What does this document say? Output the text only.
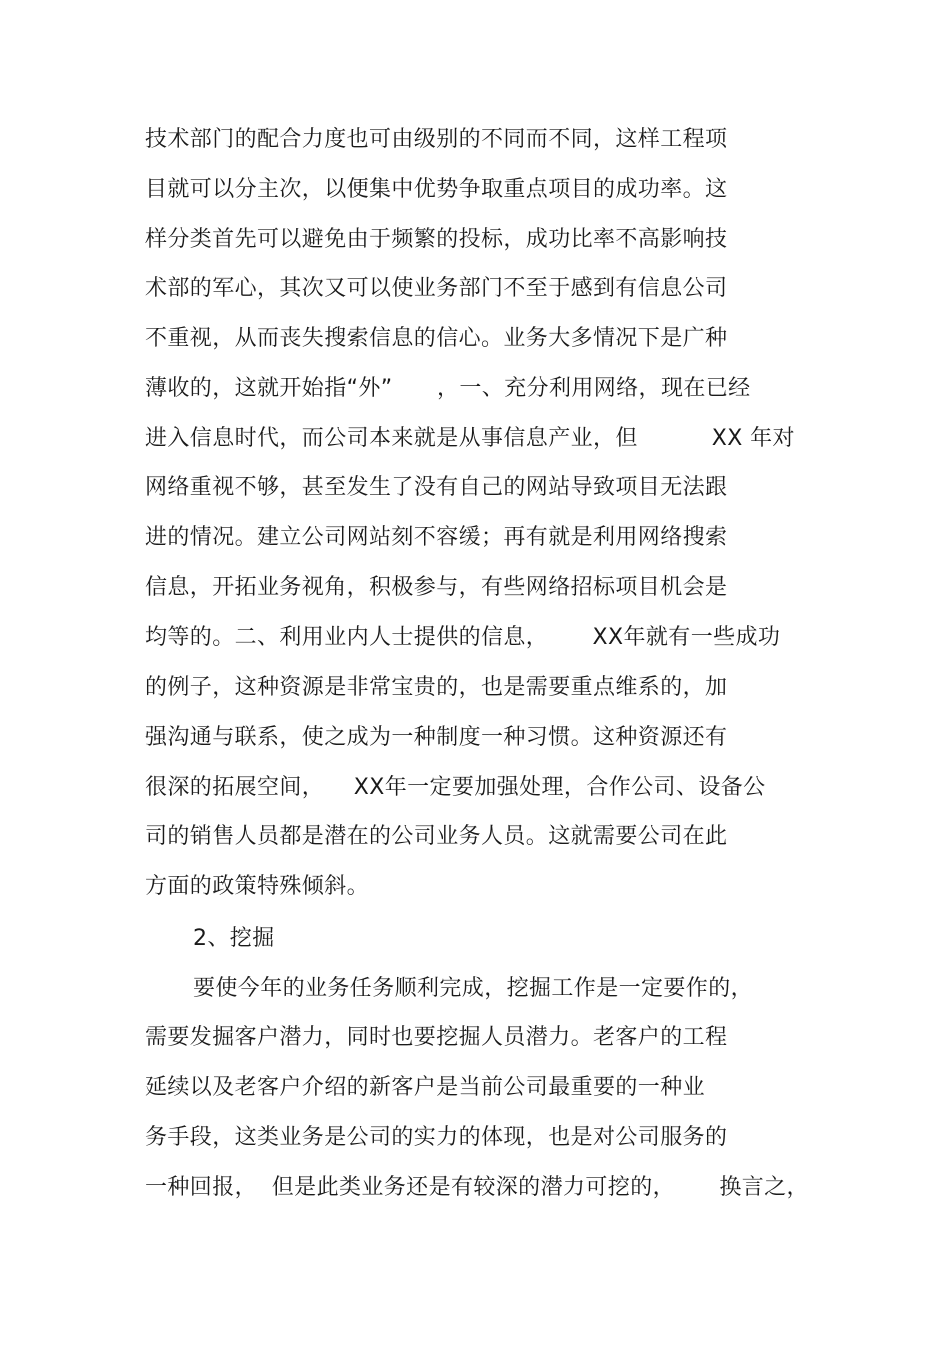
技术部门的配合力度也可由级别的不同而不同，这样工程项
目就可以分主次，以便集中优势争取重点项目的成功率。这
样分类首先可以避免由于频繁的投标，成功比率不高影响技
术部的军心，其次又可以使业务部门不至于感到有信息公司
不重视，从而丧失搜索信息的信心。业务大多情况下是广种
薄收的，这就开始指“外”      ，一、充分利用网络，现在已经
进入信息时代，而公司本来就是从事信息产业，但          XX 年对
网络重视不够，甚至发生了没有自己的网站导致项目无法跟
进的情况。建立公司网站刻不容缓；再有就是利用网络搜索
信息，开拓业务视角，积极参与，有些网络招标项目机会是
均等的。二、利用业内人士提供的信息，      XX年就有一些成功
的例子，这种资源是非常宝贵的，也是需要重点维系的，加
强沟通与联系，使之成为一种制度一种习惯。这种资源还有
很深的拓展空间，    XX年一定要加强处理，合作公司、设备公
司的销售人员都是潜在的公司业务人员。这就需要公司在此
方面的政策特殊倾斜。
2、挖掘
要使今年的业务任务顺利完成，挖掘工作是一定要作的，
需要发掘客户潜力，同时也要挖掘人员潜力。老客户的工程
延续以及老客户介绍的新客户是当前公司最重要的一种业
务手段，这类业务是公司的实力的体现，也是对公司服务的
一种回报，  但是此类业务还是有较深的潜力可挖的，      换言之，
